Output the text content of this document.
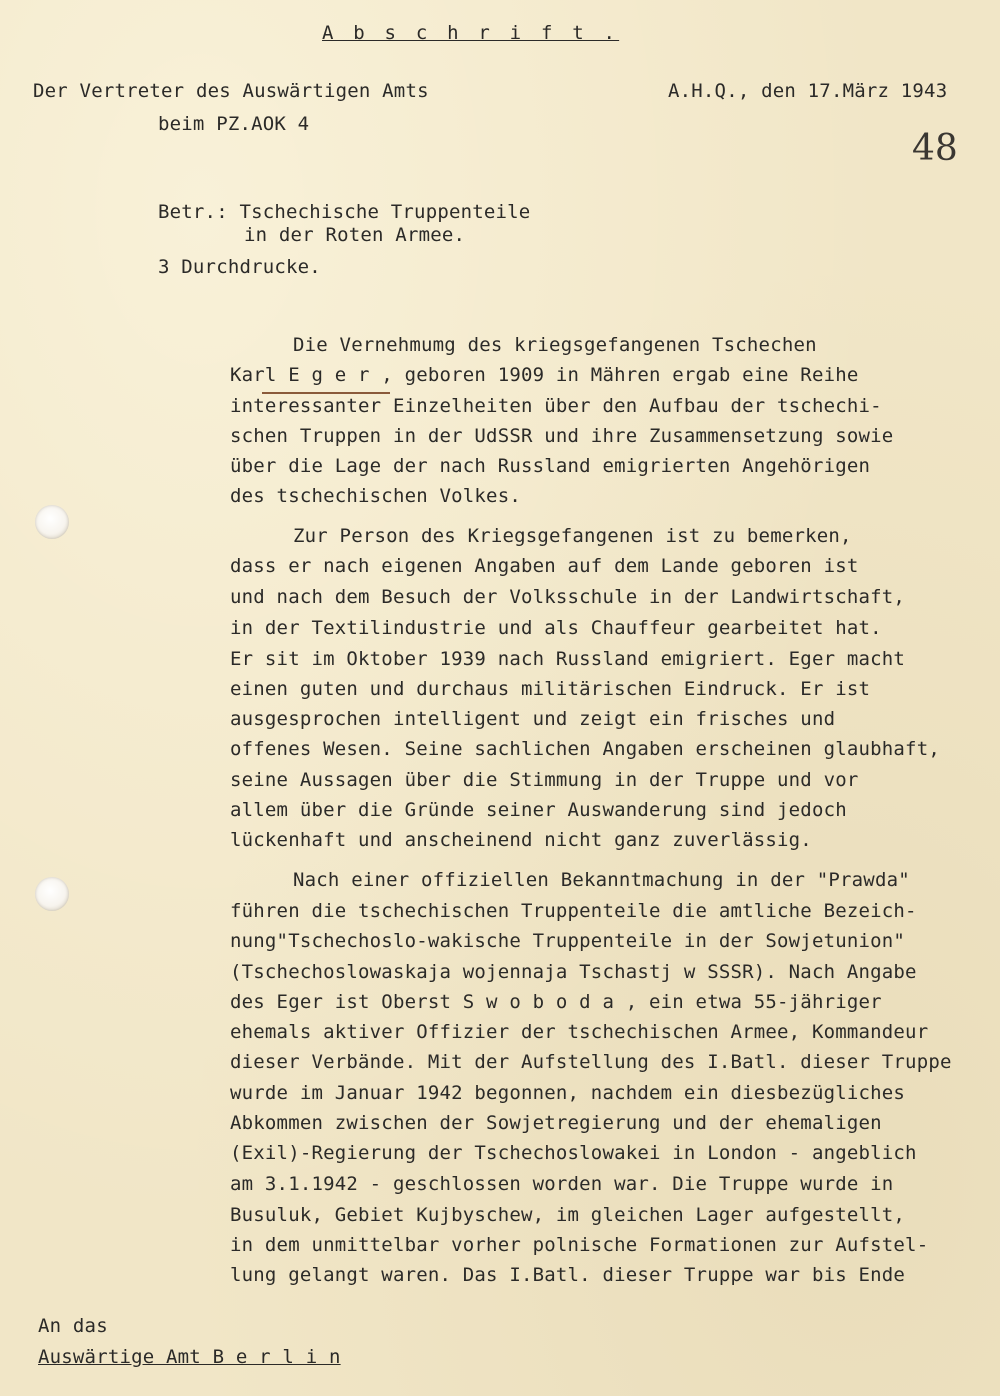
A b s c h r i f t .
Der Vertreter des Auswärtigen Amts
beim PZ.AOK 4
A.H.Q., den 17.März 1943
48
Betr.: Tschechische Truppenteile
in der Roten Armee.
3 Durchdrucke.
Die Vernehmumg des kriegsgefangenen Tschechen
Karl E g e r , geboren 1909 in Mähren ergab eine Reihe
interessanter Einzelheiten über den Aufbau der tschechi-
schen Truppen in der UdSSR und ihre Zusammensetzung sowie
über die Lage der nach Russland emigrierten Angehörigen
des tschechischen Volkes.
Zur Person des Kriegsgefangenen ist zu bemerken,
dass er nach eigenen Angaben auf dem Lande geboren ist
und nach dem Besuch der Volksschule in der Landwirtschaft,
in der Textilindustrie und als Chauffeur gearbeitet hat.
Er sit im Oktober 1939 nach Russland emigriert. Eger macht
einen guten und durchaus militärischen Eindruck. Er ist
ausgesprochen intelligent und zeigt ein frisches und
offenes Wesen. Seine sachlichen Angaben erscheinen glaubhaft,
seine Aussagen über die Stimmung in der Truppe und vor
allem über die Gründe seiner Auswanderung sind jedoch
lückenhaft und anscheinend nicht ganz zuverlässig.
Nach einer offiziellen Bekanntmachung in der "Prawda"
führen die tschechischen Truppenteile die amtliche Bezeich-
nung"Tschechoslo-wakische Truppenteile in der Sowjetunion"
(Tschechoslowaskaja wojennaja Tschastj w SSSR). Nach Angabe
des Eger ist Oberst S w o b o d a , ein etwa 55-jähriger
ehemals aktiver Offizier der tschechischen Armee, Kommandeur
dieser Verbände. Mit der Aufstellung des I.Batl. dieser Truppe
wurde im Januar 1942 begonnen, nachdem ein diesbezügliches
Abkommen zwischen der Sowjetregierung und der ehemaligen
(Exil)-Regierung der Tschechoslowakei in London - angeblich
am 3.1.1942 - geschlossen worden war. Die Truppe wurde in
Busuluk, Gebiet Kujbyschew, im gleichen Lager aufgestellt,
in dem unmittelbar vorher polnische Formationen zur Aufstel-
lung gelangt waren. Das I.Batl. dieser Truppe war bis Ende
An das
Auswärtige Amt B e r l i n
